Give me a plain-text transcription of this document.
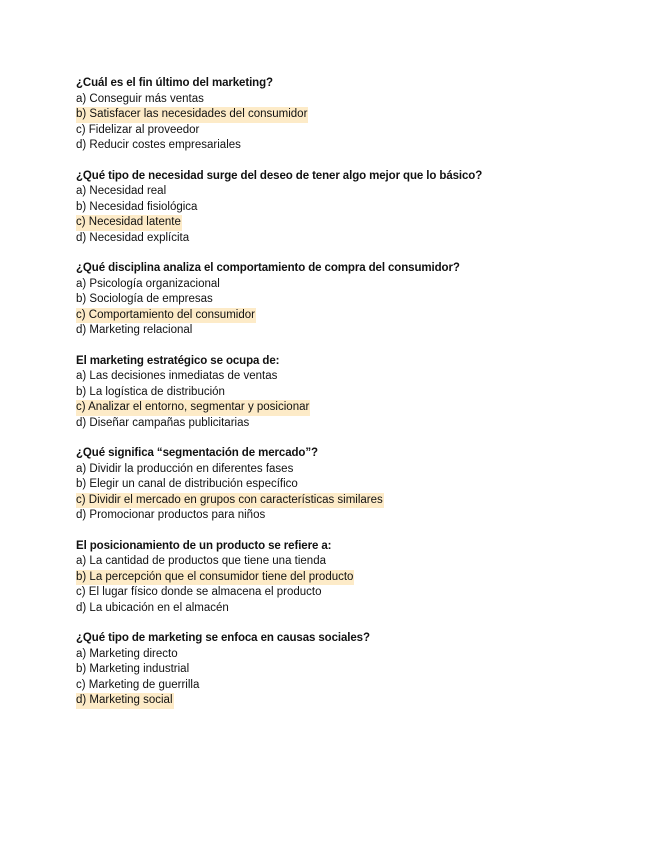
¿Cuál es el fin último del marketing?
a) Conseguir más ventas
b) Satisfacer las necesidades del consumidor
c) Fidelizar al proveedor
d) Reducir costes empresariales
¿Qué tipo de necesidad surge del deseo de tener algo mejor que lo básico?
a) Necesidad real
b) Necesidad fisiológica
c) Necesidad latente
d) Necesidad explícita
¿Qué disciplina analiza el comportamiento de compra del consumidor?
a) Psicología organizacional
b) Sociología de empresas
c) Comportamiento del consumidor
d) Marketing relacional
El marketing estratégico se ocupa de:
a) Las decisiones inmediatas de ventas
b) La logística de distribución
c) Analizar el entorno, segmentar y posicionar
d) Diseñar campañas publicitarias
¿Qué significa “segmentación de mercado”?
a) Dividir la producción en diferentes fases
b) Elegir un canal de distribución específico
c) Dividir el mercado en grupos con características similares
d) Promocionar productos para niños
El posicionamiento de un producto se refiere a:
a) La cantidad de productos que tiene una tienda
b) La percepción que el consumidor tiene del producto
c) El lugar físico donde se almacena el producto
d) La ubicación en el almacén
¿Qué tipo de marketing se enfoca en causas sociales?
a) Marketing directo
b) Marketing industrial
c) Marketing de guerrilla
d) Marketing social
